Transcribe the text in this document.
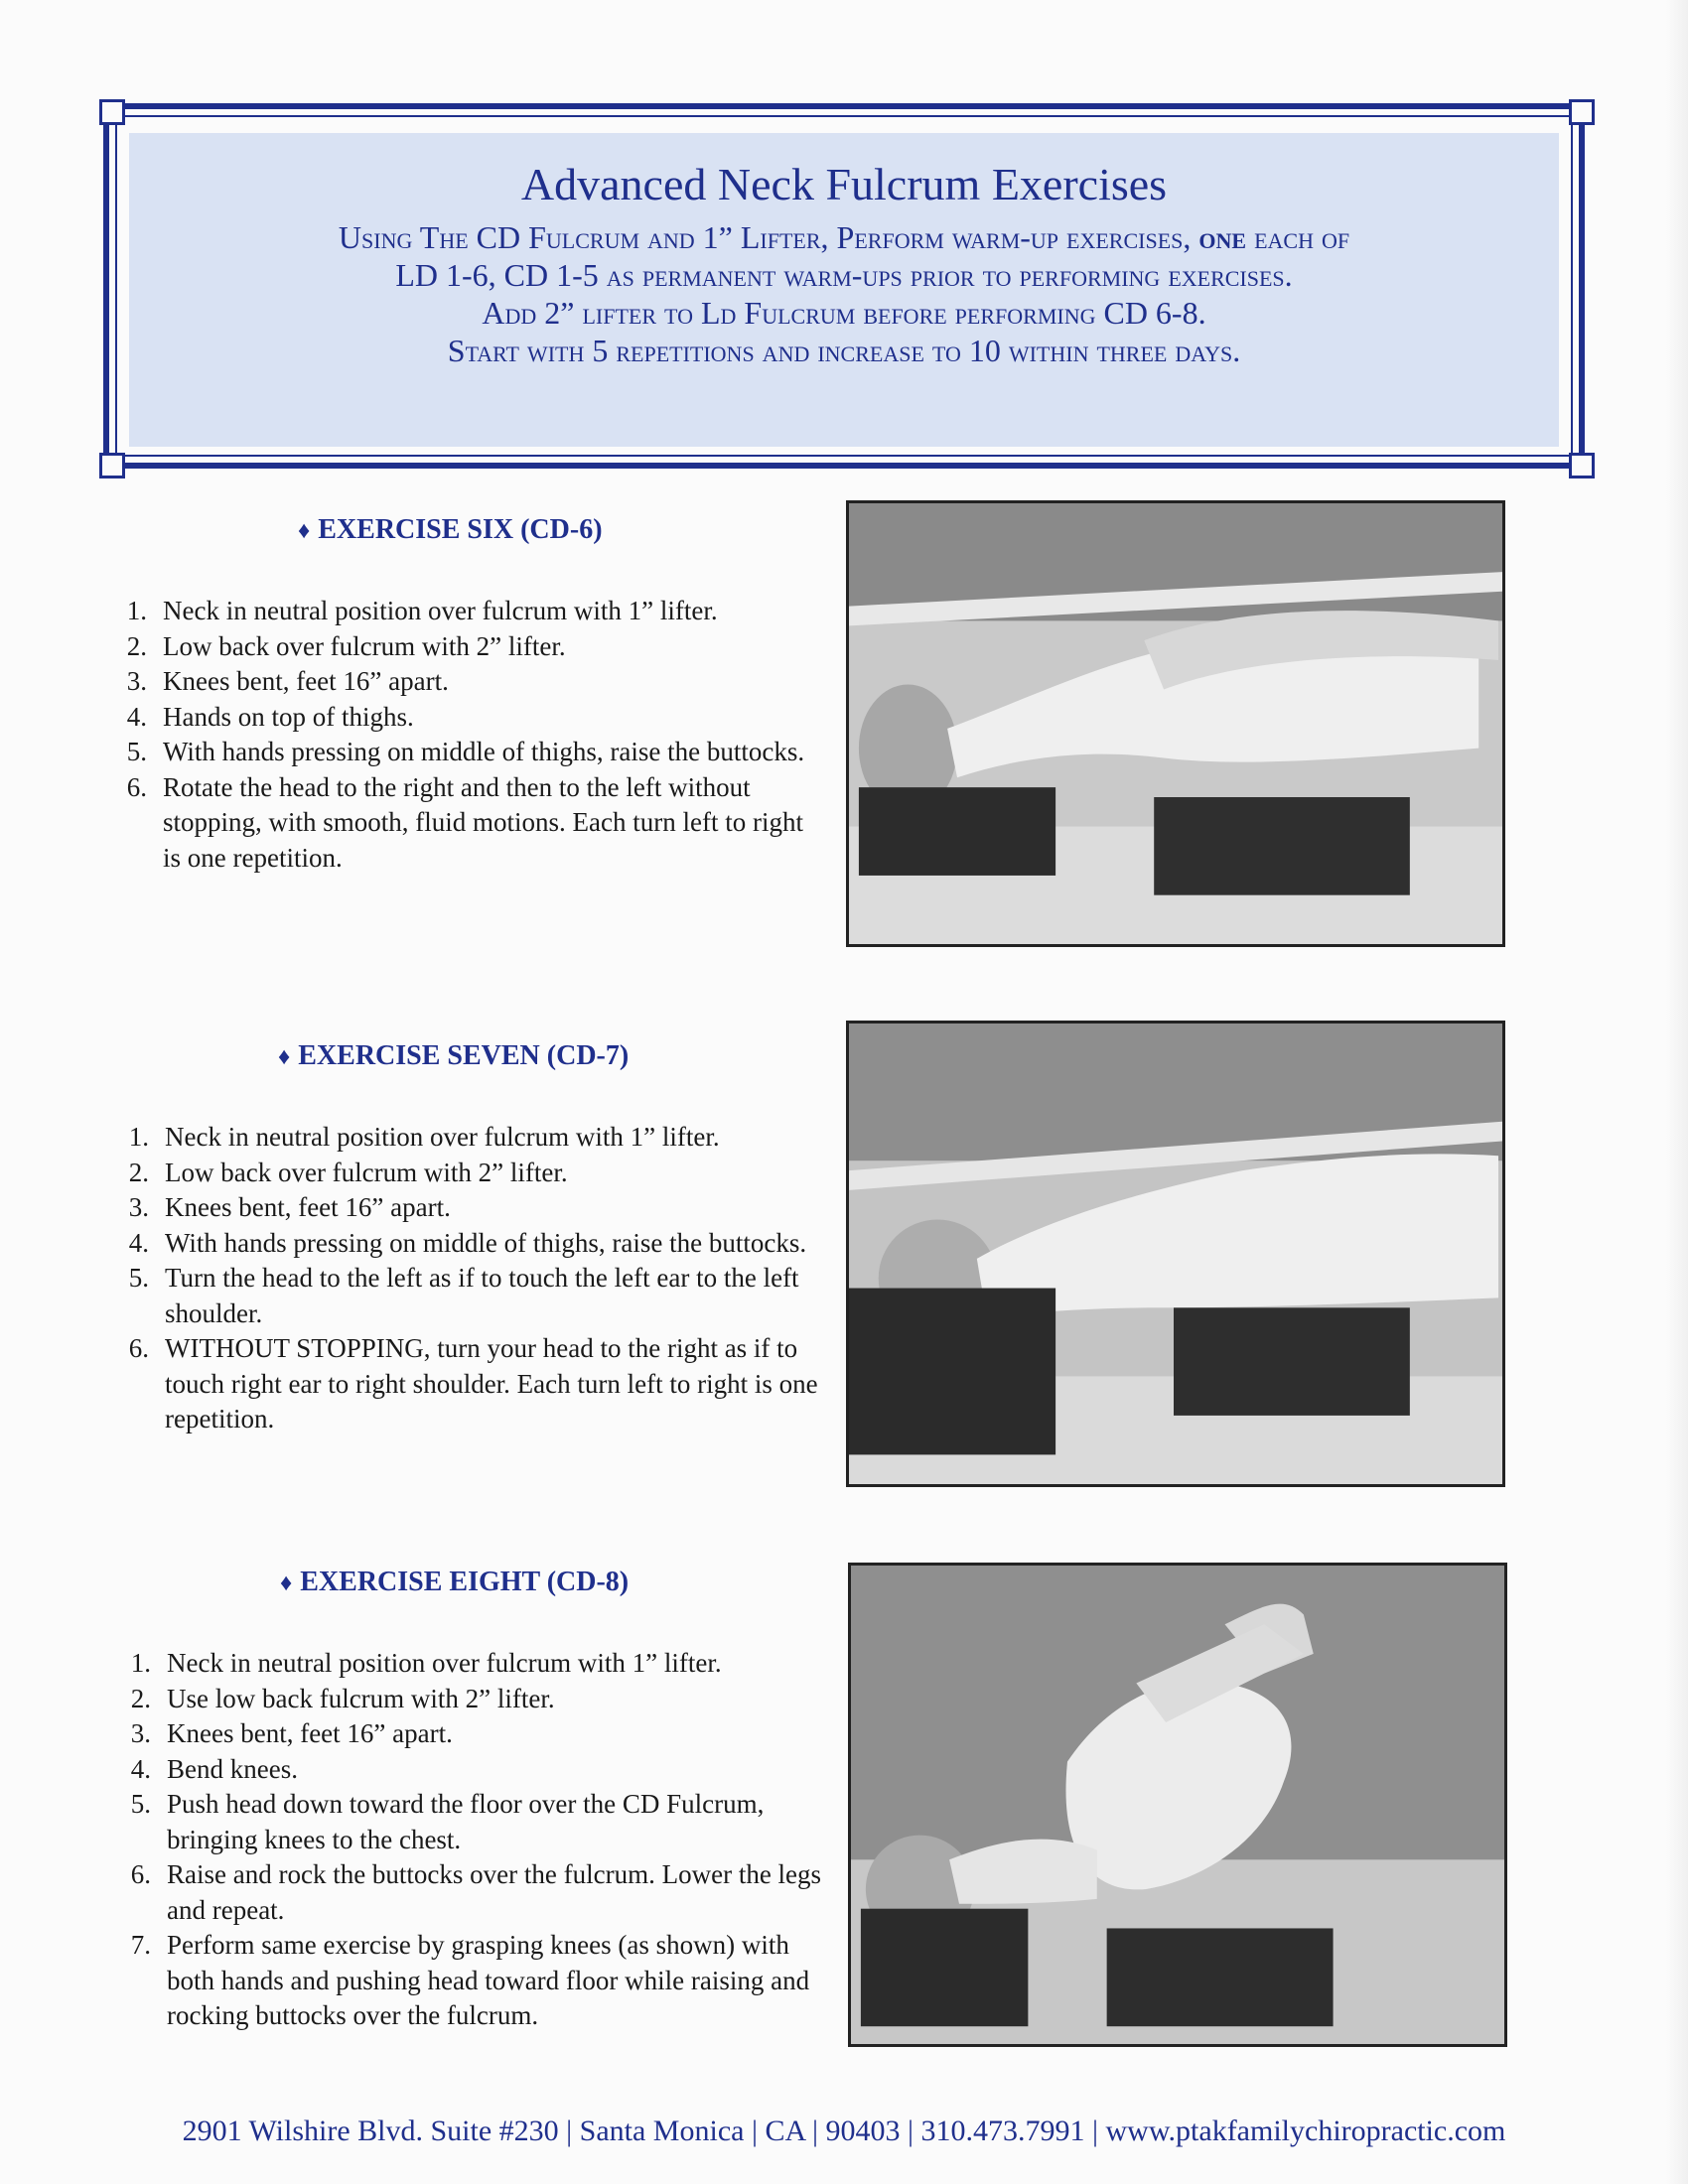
Advanced Neck Fulcrum Exercises

Using The CD Fulcrum and 1” Lifter, Perform warm-up exercises, one each of

LD 1-6, CD 1-5 as permanent warm-ups prior to performing exercises.

Add 2” lifter to Ld Fulcrum before performing CD 6-8.

Start with 5 repetitions and increase to 10 within three days.

♦ EXERCISE SIX (CD-6)
1. Neck in neutral position over fulcrum with 1” lifter.
2. Low back over fulcrum with 2” lifter.
3. Knees bent, feet 16” apart.
4. Hands on top of thighs.
5. With hands pressing on middle of thighs, raise the buttocks.
6. Rotate the head to the right and then to the left without stopping, with smooth, fluid motions. Each turn left to right is one repetition.
♦ EXERCISE SEVEN (CD-7)
1. Neck in neutral position over fulcrum with 1” lifter.
2. Low back over fulcrum with 2” lifter.
3. Knees bent, feet 16” apart.
4. With hands pressing on middle of thighs, raise the buttocks.
5. Turn the head to the left as if to touch the left ear to the left shoulder.
6. WITHOUT STOPPING, turn your head to the right as if to touch right ear to right shoulder. Each turn left to right is one repetition.
♦ EXERCISE EIGHT (CD-8)
1. Neck in neutral position over fulcrum with 1” lifter.
2. Use low back fulcrum with 2” lifter.
3. Knees bent, feet 16” apart.
4. Bend knees.
5. Push head down toward the floor over the CD Fulcrum, bringing knees to the chest.
6. Raise and rock the buttocks over the fulcrum. Lower the legs and repeat.
7. Perform same exercise by grasping knees (as shown) with both hands and pushing head toward floor while raising and rocking buttocks over the fulcrum.
2901 Wilshire Blvd. Suite #230 | Santa Monica | CA | 90403 | 310.473.7991 | www.ptakfamilychiropractic.com
